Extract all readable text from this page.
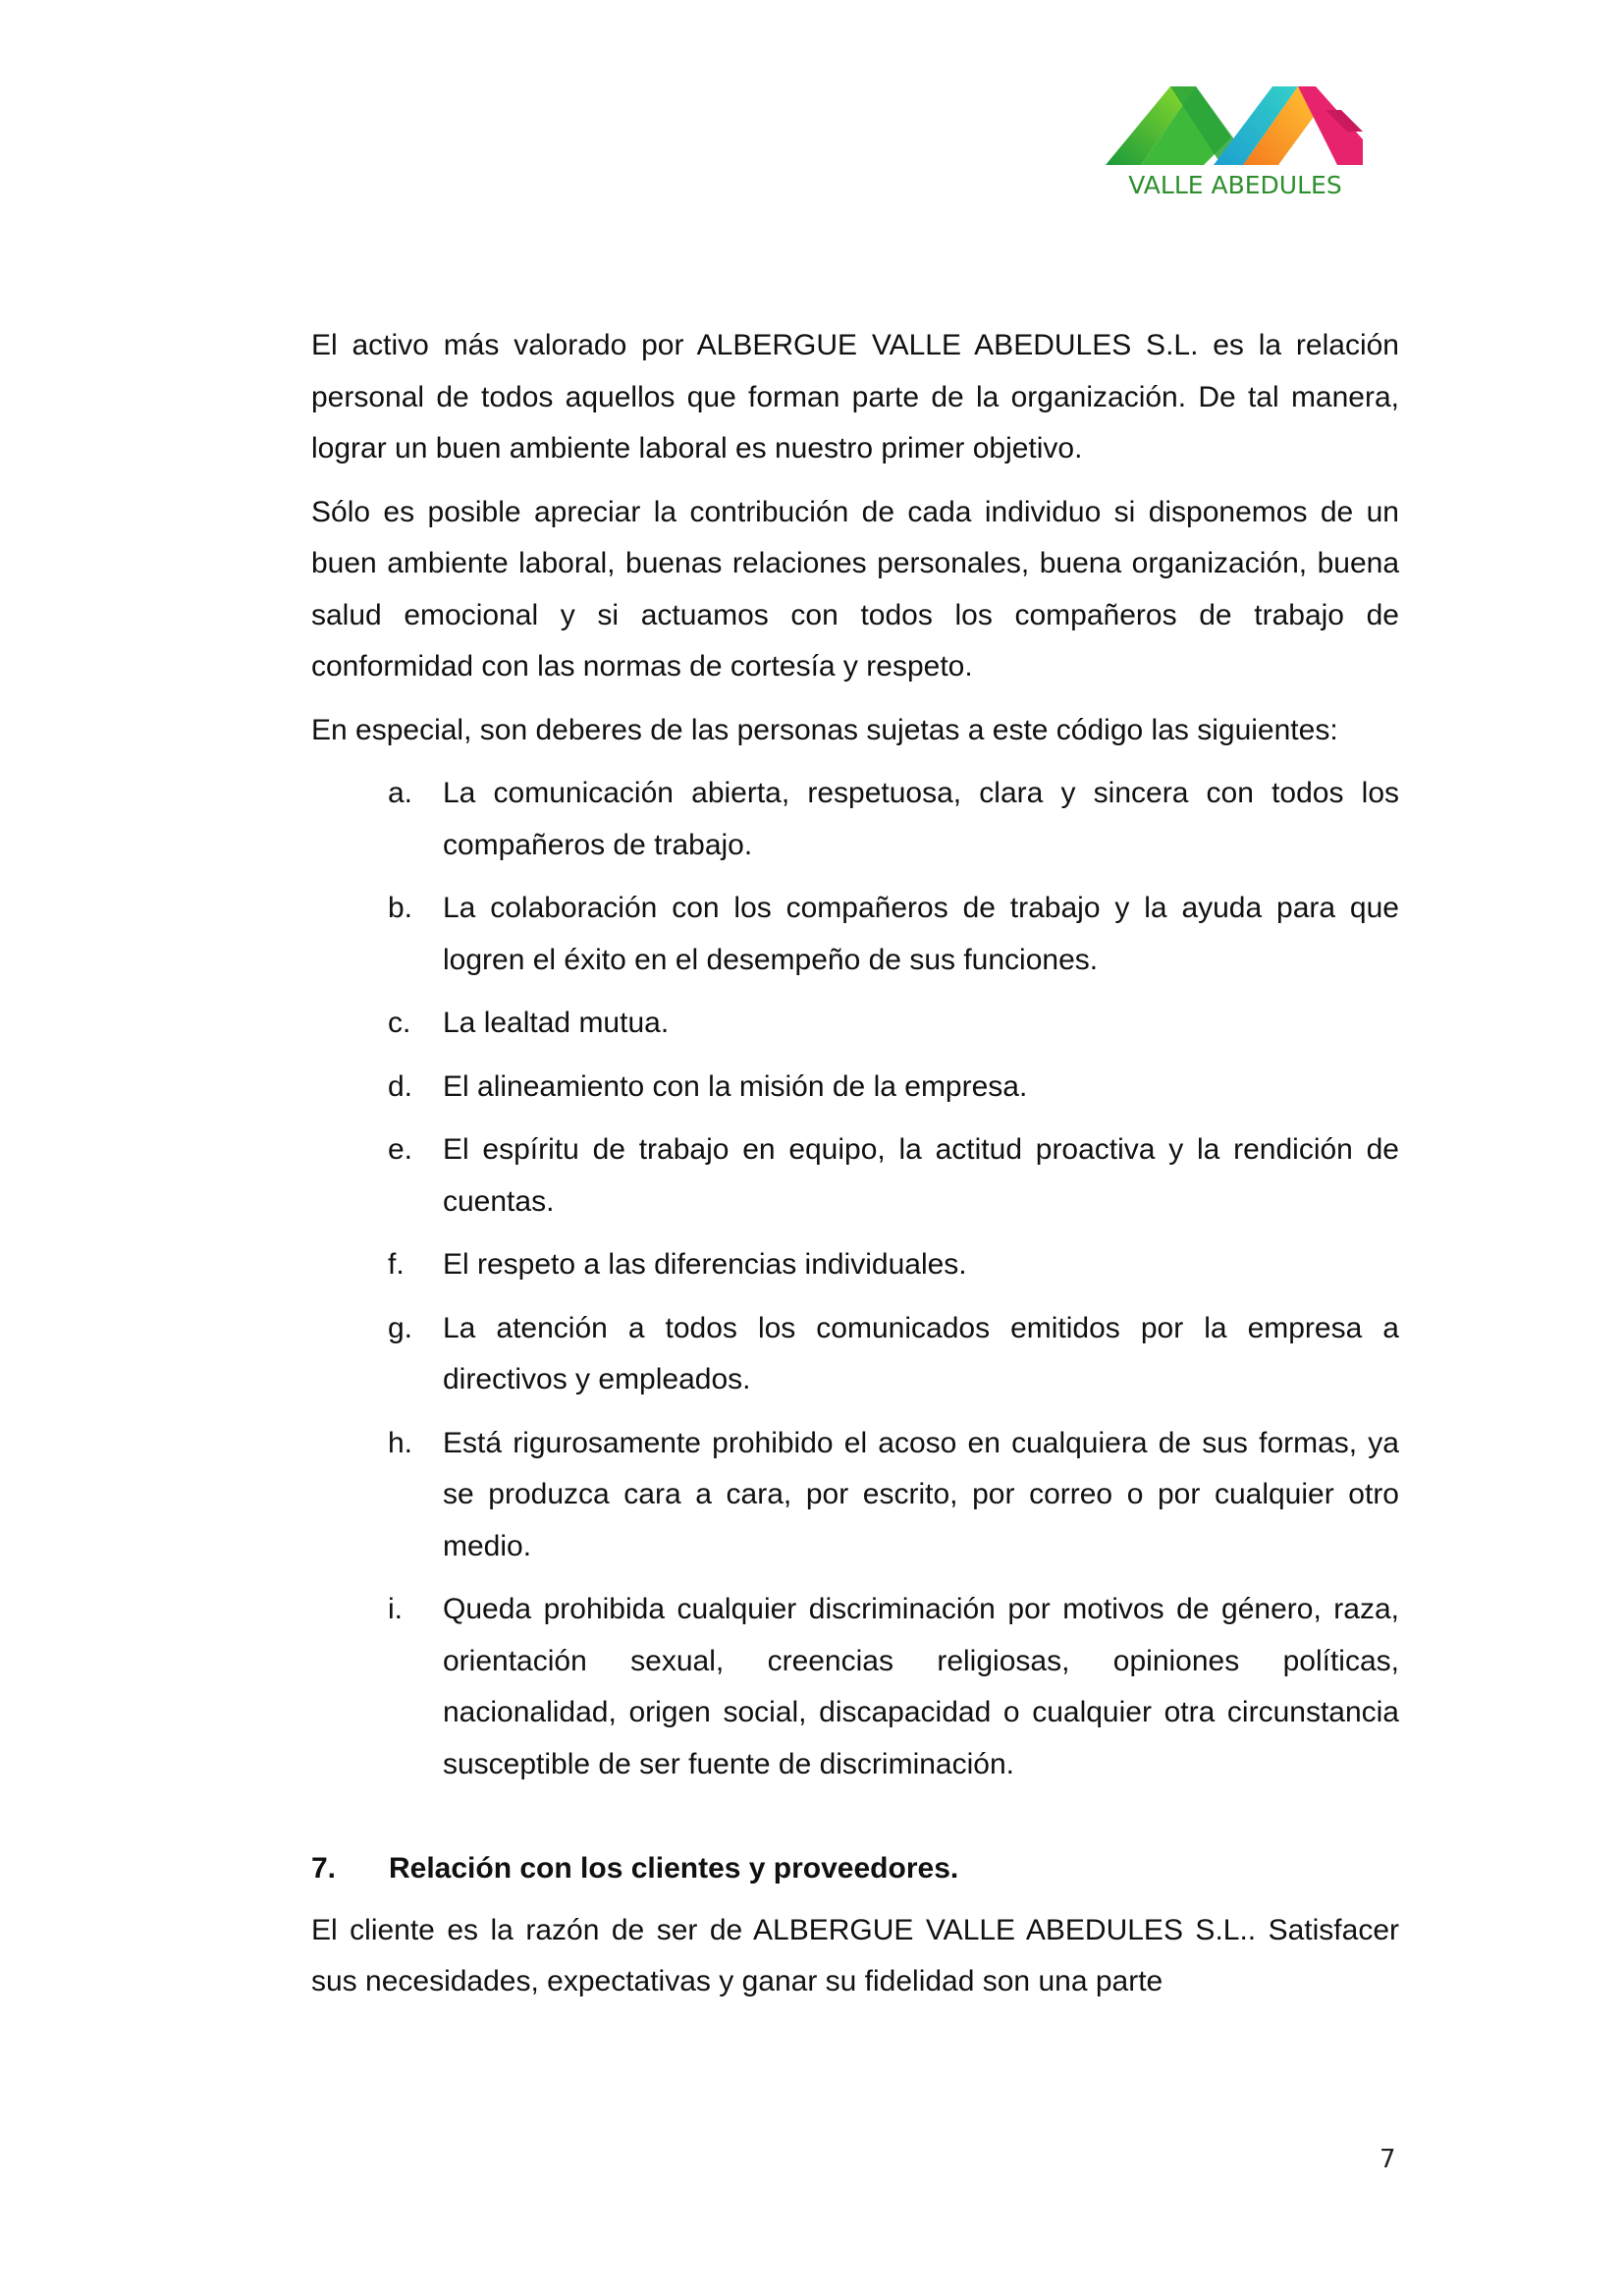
VALLE ABEDULES

El activo más valorado por ALBERGUE VALLE ABEDULES S.L. es la relación personal de todos aquellos que forman parte de la organización. De tal manera, lograr un buen ambiente laboral es nuestro primer objetivo.

Sólo es posible apreciar la contribución de cada individuo si disponemos de un buen ambiente laboral, buenas relaciones personales, buena organización, buena salud emocional y si actuamos con todos los compañeros de trabajo de conformidad con las normas de cortesía y respeto.

En especial, son deberes de las personas sujetas a este código las siguientes:

a.	La comunicación abierta, respetuosa, clara y sincera con todos los compañeros de trabajo.
b.	La colaboración con los compañeros de trabajo y la ayuda para que logren el éxito en el desempeño de sus funciones.
c.	La lealtad mutua.
d.	El alineamiento con la misión de la empresa.
e.	El espíritu de trabajo en equipo, la actitud proactiva y la rendición de cuentas.
f.	El respeto a las diferencias individuales.
g.	La atención a todos los comunicados emitidos por la empresa a directivos y empleados.
h.	Está rigurosamente prohibido el acoso en cualquiera de sus formas, ya se produzca cara a cara, por escrito, por correo o por cualquier otro medio.
i.	Queda prohibida cualquier discriminación por motivos de género, raza, orientación sexual, creencias religiosas, opiniones políticas, nacionalidad, origen social, discapacidad o cualquier otra circunstancia susceptible de ser fuente de discriminación.
7.	Relación con los clientes y proveedores.

El cliente es la razón de ser de ALBERGUE VALLE ABEDULES S.L.. Satisfacer sus necesidades, expectativas y ganar su fidelidad son una parte

7
